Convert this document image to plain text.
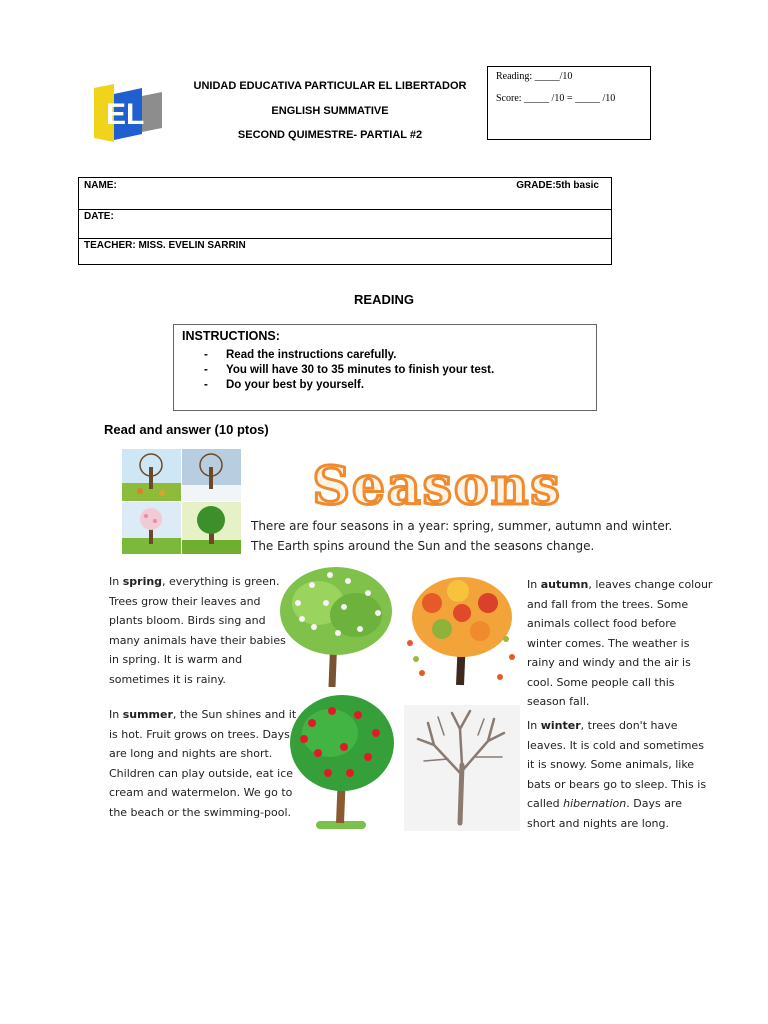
EL
UNIDAD EDUCATIVA PARTICULAR EL LIBERTADOR
ENGLISH SUMMATIVE
SECOND QUIMESTRE- PARTIAL #2
Reading: _____/10
Score: _____ /10 = _____ /10
NAME:	GRADE:5th basic
DATE:
TEACHER: MISS. EVELIN SARRIN
READING
INSTRUCTIONS:
- Read the instructions carefully.
- You will have 30 to 35 minutes to finish your test.
- Do your best by yourself.
Read and answer (10 ptos)
Seasons
There are four seasons in a year: spring, summer, autumn and winter.
The Earth spins around the Sun and the seasons change.
In spring, everything is green.
Trees grow their leaves and
plants bloom. Birds sing and
many animals have their babies
in spring. It is warm and
sometimes it is rainy.
In summer, the Sun shines and it
is hot. Fruit grows on trees. Days
are long and nights are short.
Children can play outside, eat ice
cream and watermelon. We go to
the beach or the swimming-pool.
In autumn, leaves change colour
and fall from the trees. Some
animals collect food before
winter comes. The weather is
rainy and windy and the air is
cool. Some people call this
season fall.
In winter, trees don't have
leaves. It is cold and sometimes
it is snowy. Some animals, like
bats or bears go to sleep. This is
called hibernation. Days are
short and nights are long.
